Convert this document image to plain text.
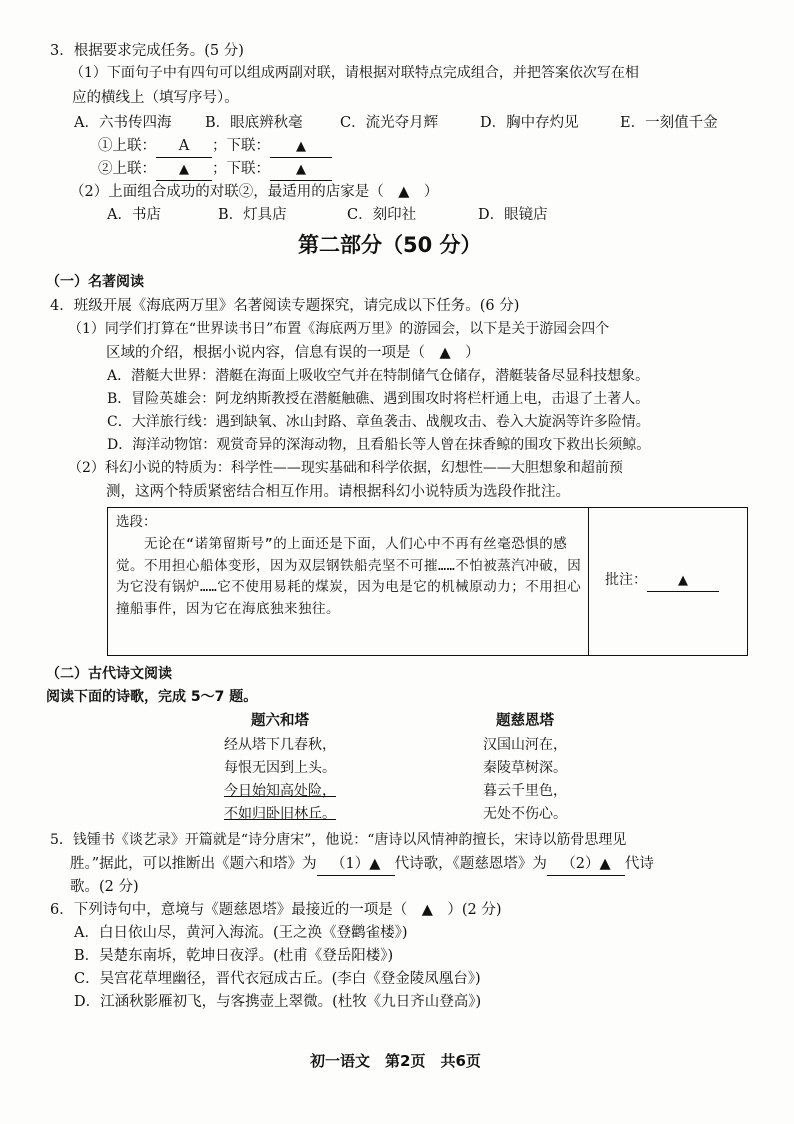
3．根据要求完成任务。(5 分)
（1）下面句子中有四句可以组成两副对联，请根据对联特点完成组合，并把答案依次写在相
应的横线上（填写序号）。
A．六书传四海 B．眼底辨秋毫	C．流光夺月辉	D．胸中存灼见	E．一刻值千金
①上联： A ；下联： ▲
②上联： ▲ ；下联： ▲
（2）上面组合成功的对联②，最适用的店家是（　▲　）
A．书店	B．灯具店	C．刻印社	D．眼镜店
第二部分（50 分）
（一）名著阅读
4．班级开展《海底两万里》名著阅读专题探究，请完成以下任务。(6 分)
（1）同学们打算在“世界读书日”布置《海底两万里》的游园会，以下是关于游园会四个
区域的介绍，根据小说内容，信息有误的一项是（　▲　）
A．潜艇大世界：潜艇在海面上吸收空气并在特制储气仓储存，潜艇装备尽显科技想象。
B．冒险英雄会：阿龙纳斯教授在潜艇触礁、遇到围攻时将栏杆通上电，击退了土著人。
C．大洋旅行线：遇到缺氧、冰山封路、章鱼袭击、战舰攻击、卷入大旋涡等许多险情。
D．海洋动物馆：观赏奇异的深海动物，且看船长等人曾在抹香鲸的围攻下救出长须鲸。
（2）科幻小说的特质为：科学性——现实基础和科学依据，幻想性——大胆想象和超前预
测，这两个特质紧密结合相互作用。请根据科幻小说特质为选段作批注。
选段：
　　无论在“诺第留斯号”的上面还是下面，人们心中不再有丝毫恐惧的感觉。不用担心船体变形，因为双层钢铁船壳坚不可摧……不怕被蒸汽冲破，因为它没有锅炉……它不使用易耗的煤炭，因为电是它的机械原动力；不用担心撞船事件，因为它在海底独来独往。
批注： ▲
（二）古代诗文阅读
阅读下面的诗歌，完成 5～7 题。
题六和塔
经从塔下几春秋，
每恨无因到上头。
今日始知高处险，
不如归卧旧林丘。
题慈恩塔
汉国山河在，
秦陵草树深。
暮云千里色，
无处不伤心。
5．钱锺书《谈艺录》开篇就是“诗分唐宋”，他说：“唐诗以风情神韵擅长，宋诗以筋骨思理见
胜。”据此，可以推断出《题六和塔》为 （1）▲ 代诗歌，《题慈恩塔》为 （2）▲ 代诗
歌。(2 分)
6．下列诗句中，意境与《题慈恩塔》最接近的一项是（　▲　）(2 分)
A．白日依山尽，黄河入海流。(王之涣《登鹳雀楼》)
B．吴楚东南坼，乾坤日夜浮。(杜甫《登岳阳楼》)
C．吴宫花草埋幽径，晋代衣冠成古丘。(李白《登金陵凤凰台》)
D．江涵秋影雁初飞，与客携壶上翠微。(杜牧《九日齐山登高》)
初一语文　第2页　共6页
